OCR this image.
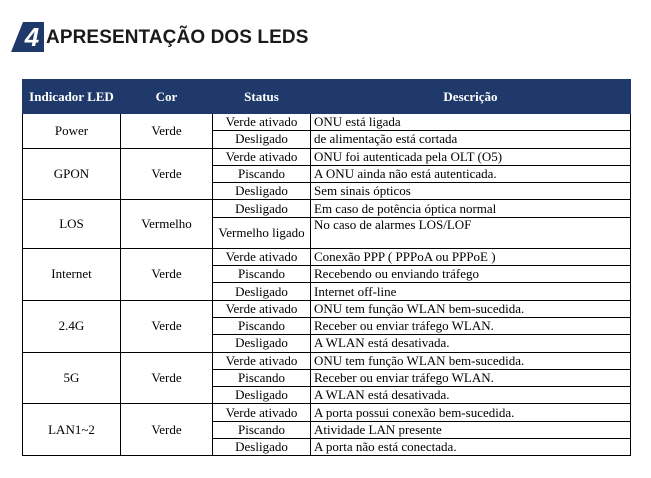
4 APRESENTAÇÃO DOS LEDS
Indicador LED	Cor	Status	Descrição
Power	Verde	Verde ativado	ONU está ligada
		Desligado	de alimentação está cortada
GPON	Verde	Verde ativado	ONU foi autenticada pela OLT (O5)
		Piscando	A ONU ainda não está autenticada.
		Desligado	Sem sinais ópticos
LOS	Vermelho	Desligado	Em caso de potência óptica normal
		Vermelho ligado	No caso de alarmes LOS/LOF
Internet	Verde	Verde ativado	Conexão PPP ( PPPoA ou PPPoE )
		Piscando	Recebendo ou enviando tráfego
		Desligado	Internet off-line
2.4G	Verde	Verde ativado	ONU tem função WLAN bem-sucedida.
		Piscando	Receber ou enviar tráfego WLAN.
		Desligado	A WLAN está desativada.
5G	Verde	Verde ativado	ONU tem função WLAN bem-sucedida.
		Piscando	Receber ou enviar tráfego WLAN.
		Desligado	A WLAN está desativada.
LAN1~2	Verde	Verde ativado	A porta possui conexão bem-sucedida.
		Piscando	Atividade LAN presente
		Desligado	A porta não está conectada.
